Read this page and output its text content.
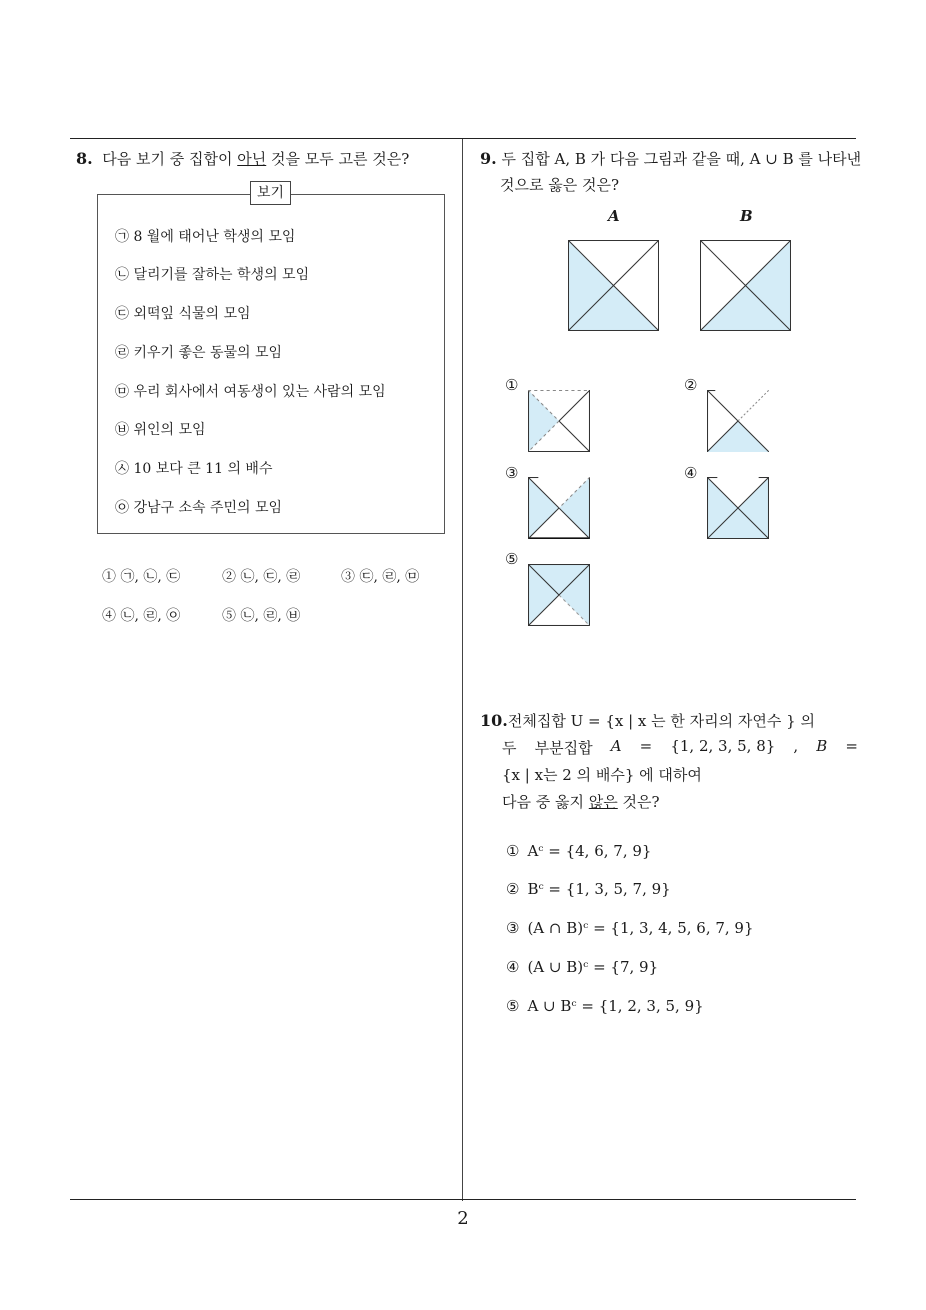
2
8. 다음 보기 중 집합이 아닌 것을 모두 고른 것은?
보기
㉠ 8 월에 태어난 학생의 모임
㉡ 달리기를 잘하는 학생의 모임
㉢ 외떡잎 식물의 모임
㉣ 키우기 좋은 동물의 모임
㉤ 우리 회사에서 여동생이 있는 사람의 모임
㉥ 위인의 모임
㉦ 10 보다 큰 11 의 배수
㉧ 강남구 소속 주민의 모임
① ㉠, ㉡, ㉢	② ㉡, ㉢, ㉣	③ ㉢, ㉣, ㉤
④ ㉡, ㉣, ㉧	⑤ ㉡, ㉣, ㉥
9. 두 집합 A, B 가 다음 그림과 같을 때, A ∪ B 를 나타낸
것으로 옳은 것은?
A	B
①	②
③	④
⑤
10.전체집합 U = {x | x 는 한 자리의 자연수 } 의
두 부분집합 A = {1, 2, 3, 5, 8} , B =
{x | x는 2 의 배수} 에 대하여
다음 중 옳지 않은 것은?
① Aᶜ = {4, 6, 7, 9}
② Bᶜ = {1, 3, 5, 7, 9}
③ (A ∩ B)ᶜ = {1, 3, 4, 5, 6, 7, 9}
④ (A ∪ B)ᶜ = {7, 9}
⑤ A ∪ Bᶜ = {1, 2, 3, 5, 9}
